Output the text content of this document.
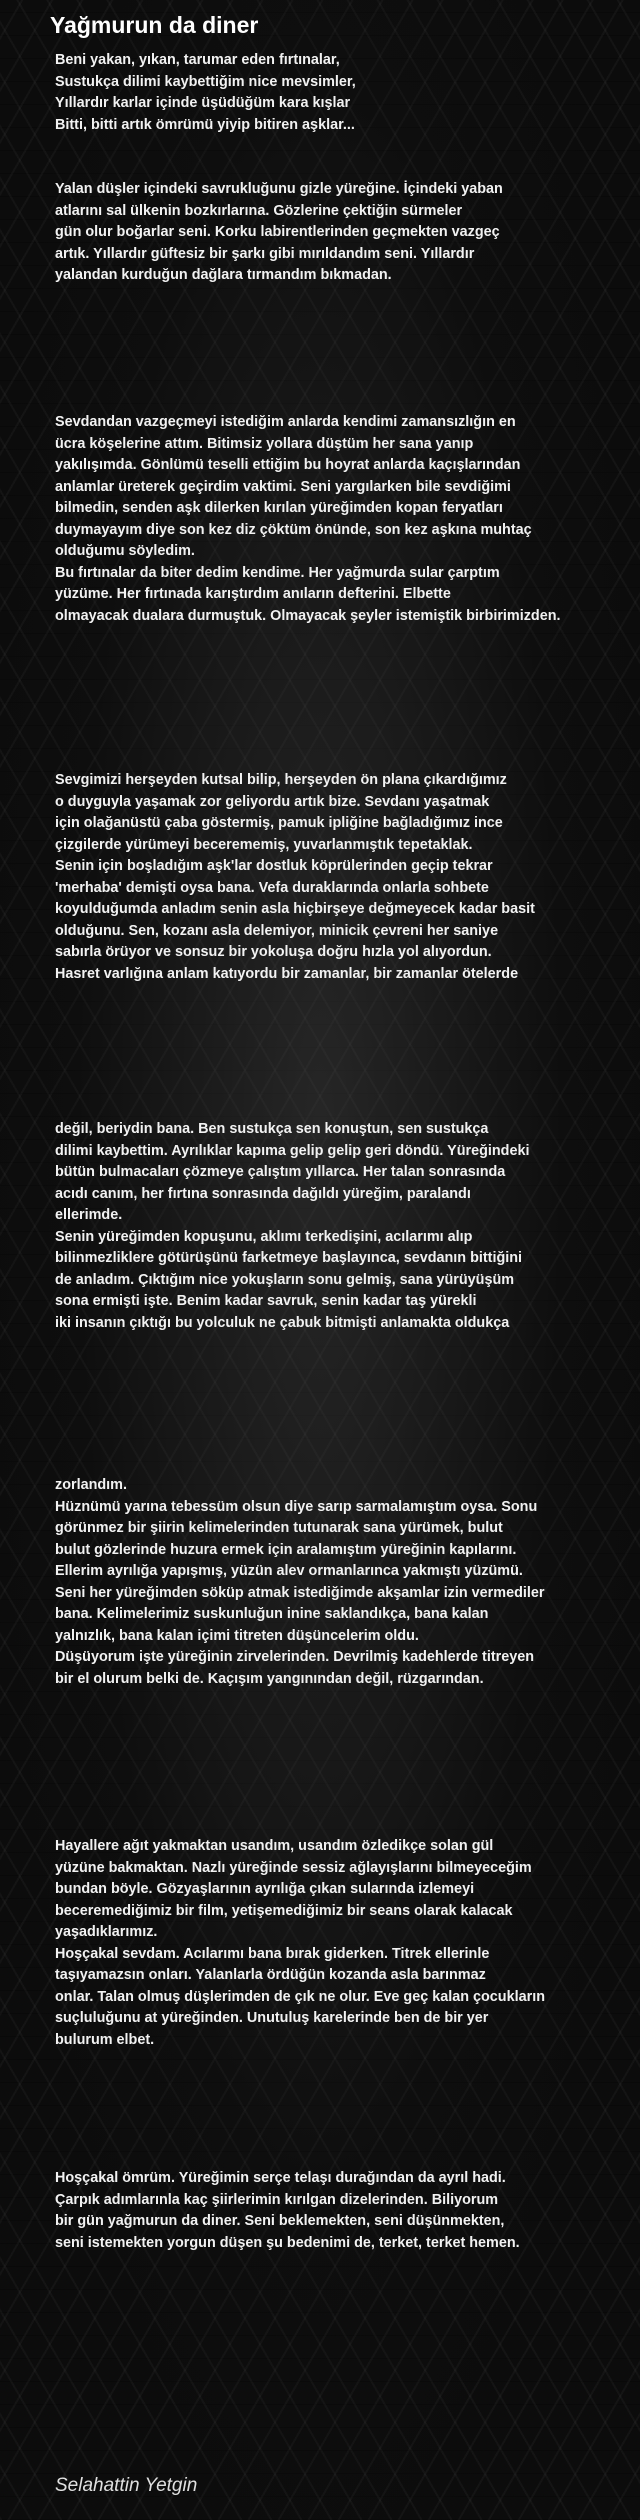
Yağmurun da diner

Beni yakan, yıkan, tarumar eden fırtınalar,

Sustukça dilimi kaybettiğim nice mevsimler,

Yıllardır karlar içinde üşüdüğüm kara kışlar

Bitti, bitti artık ömrümü yiyip bitiren aşklar...

Yalan düşler içindeki savrukluğunu gizle yüreğine. İçindeki yaban

atlarını sal ülkenin bozkırlarına. Gözlerine çektiğin sürmeler

gün olur boğarlar seni. Korku labirentlerinden geçmekten vazgeç

artık. Yıllardır güftesiz bir şarkı gibi mırıldandım seni. Yıllardır

yalandan kurduğun dağlara tırmandım bıkmadan.

Sevdandan vazgeçmeyi istediğim anlarda kendimi zamansızlığın en

ücra köşelerine attım. Bitimsiz yollara düştüm her sana yanıp

yakılışımda. Gönlümü teselli ettiğim bu hoyrat anlarda kaçışlarından

anlamlar üreterek geçirdim vaktimi. Seni yargılarken bile sevdiğimi

bilmedin, senden aşk dilerken kırılan yüreğimden kopan feryatları

duymayayım diye son kez diz çöktüm önünde, son kez aşkına muhtaç

olduğumu söyledim.

Bu fırtınalar da biter dedim kendime. Her yağmurda sular çarptım

yüzüme. Her fırtınada karıştırdım anıların defterini. Elbette

olmayacak dualara durmuştuk. Olmayacak şeyler istemiştik birbirimizden.

Sevgimizi herşeyden kutsal bilip, herşeyden ön plana çıkardığımız

o duyguyla yaşamak zor geliyordu artık bize. Sevdanı yaşatmak

için olağanüstü çaba göstermiş, pamuk ipliğine bağladığımız ince

çizgilerde yürümeyi becerememiş, yuvarlanmıştık tepetaklak.

Senin için boşladığım aşk'lar dostluk köprülerinden geçip tekrar

'merhaba' demişti oysa bana. Vefa duraklarında onlarla sohbete

koyulduğumda anladım senin asla hiçbirşeye değmeyecek kadar basit

olduğunu. Sen, kozanı asla delemiyor, minicik çevreni her saniye

sabırla örüyor ve sonsuz bir yokoluşa doğru hızla yol alıyordun.

Hasret varlığına anlam katıyordu bir zamanlar, bir zamanlar ötelerde

değil, beriydin bana. Ben sustukça sen konuştun, sen sustukça

dilimi kaybettim. Ayrılıklar kapıma gelip gelip geri döndü. Yüreğindeki

bütün bulmacaları çözmeye çalıştım yıllarca. Her talan sonrasında

acıdı canım, her fırtına sonrasında dağıldı yüreğim, paralandı

ellerimde.

Senin yüreğimden kopuşunu, aklımı terkedişini, acılarımı alıp

bilinmezliklere götürüşünü farketmeye başlayınca, sevdanın bittiğini

de anladım. Çıktığım nice yokuşların sonu gelmiş, sana yürüyüşüm

sona ermişti işte. Benim kadar savruk, senin kadar taş yürekli

iki insanın çıktığı bu yolculuk ne çabuk bitmişti anlamakta oldukça

zorlandım.

Hüznümü yarına tebessüm olsun diye sarıp sarmalamıştım oysa. Sonu

görünmez bir şiirin kelimelerinden tutunarak sana yürümek, bulut

bulut gözlerinde huzura ermek için aralamıştım yüreğinin kapılarını.

Ellerim ayrılığa yapışmış, yüzün alev ormanlarınca yakmıştı yüzümü.

Seni her yüreğimden söküp atmak istediğimde akşamlar izin vermediler

bana. Kelimelerimiz suskunluğun inine saklandıkça, bana kalan

yalnızlık, bana kalan içimi titreten düşüncelerim oldu.

Düşüyorum işte yüreğinin zirvelerinden. Devrilmiş kadehlerde titreyen

bir el olurum belki de. Kaçışım yangınından değil, rüzgarından.

Hayallere ağıt yakmaktan usandım, usandım özledikçe solan gül

yüzüne bakmaktan. Nazlı yüreğinde sessiz ağlayışlarını bilmeyeceğim

bundan böyle. Gözyaşlarının ayrılığa çıkan sularında izlemeyi

beceremediğimiz bir film, yetişemediğimiz bir seans olarak kalacak

yaşadıklarımız.

Hoşçakal sevdam. Acılarımı bana bırak giderken. Titrek ellerinle

taşıyamazsın onları. Yalanlarla ördüğün kozanda asla barınmaz

onlar. Talan olmuş düşlerimden de çık ne olur. Eve geç kalan çocukların

suçluluğunu at yüreğinden. Unutuluş karelerinde ben de bir yer

bulurum elbet.

Hoşçakal ömrüm. Yüreğimin serçe telaşı durağından da ayrıl hadi.

Çarpık adımlarınla kaç şiirlerimin kırılgan dizelerinden. Biliyorum

bir gün yağmurun da diner. Seni beklemekten, seni düşünmekten,

seni istemekten yorgun düşen şu bedenimi de, terket, terket hemen.

Selahattin Yetgin
